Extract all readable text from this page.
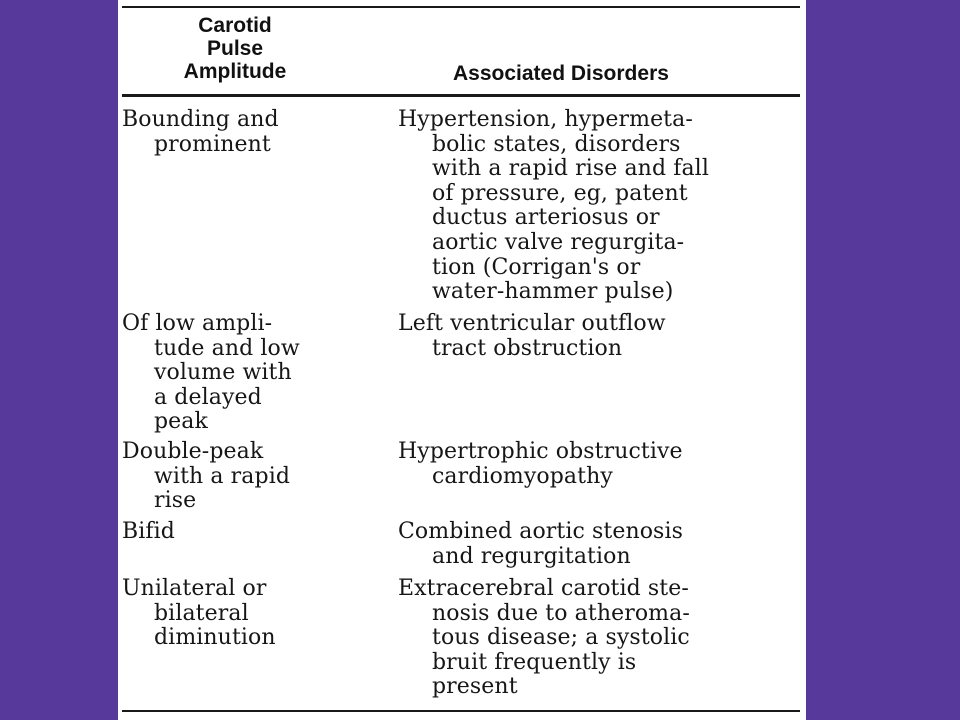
Carotid
Pulse
Amplitude	Associated Disorders
Bounding and
prominent
Hypertension, hypermeta-
bolic states, disorders
with a rapid rise and fall
of pressure, eg, patent
ductus arteriosus or
aortic valve regurgita-
tion (Corrigan's or
water-hammer pulse)
Of low ampli-
tude and low
volume with
a delayed
peak
Left ventricular outflow
tract obstruction
Double-peak
with a rapid
rise
Hypertrophic obstructive
cardiomyopathy
Bifid	Combined aortic stenosis
and regurgitation
Unilateral or
bilateral
diminution
Extracerebral carotid ste-
nosis due to atheroma-
tous disease; a systolic
bruit frequently is
present
